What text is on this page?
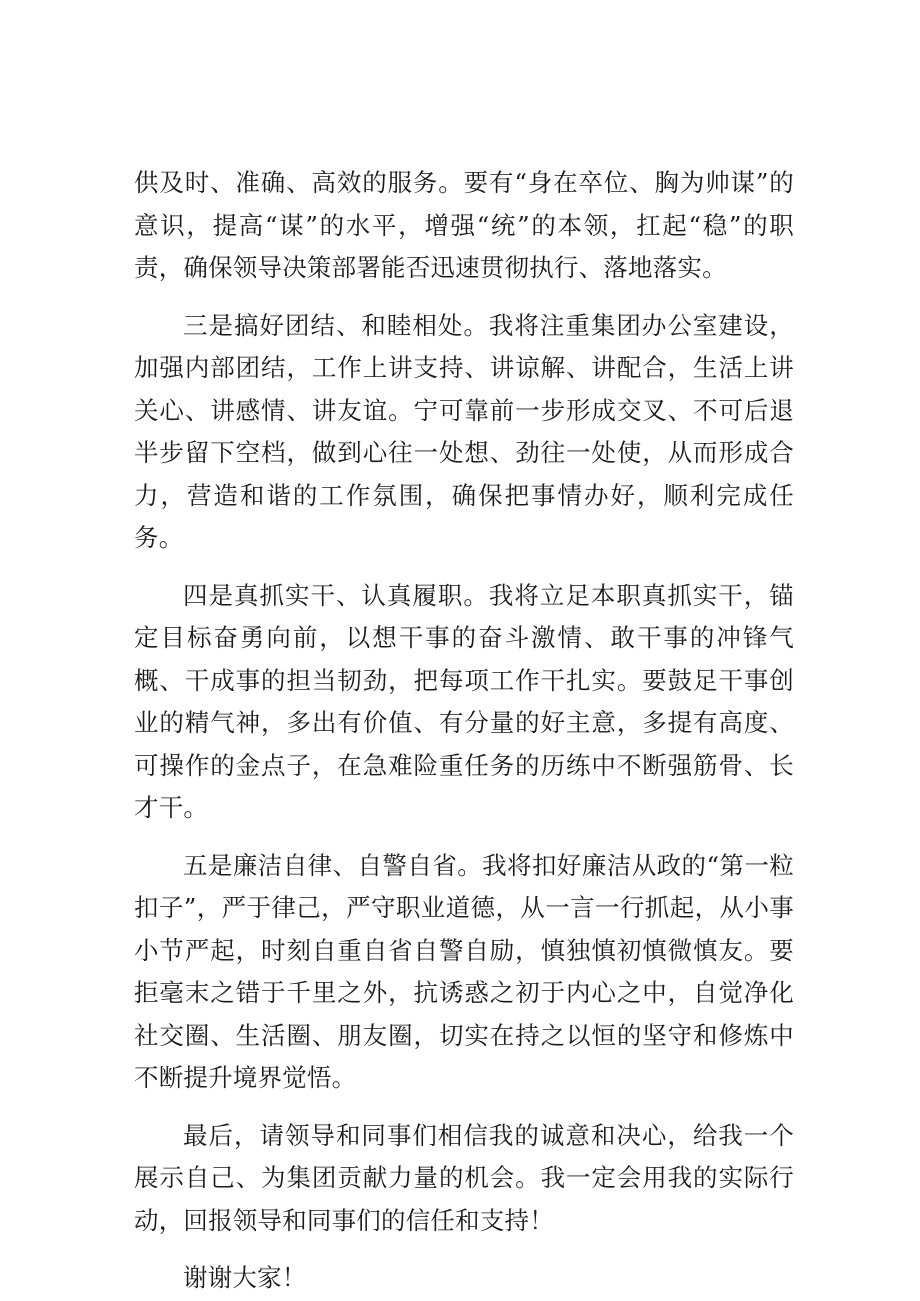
供及时、准确、高效的服务。要有“身在卒位、胸为帅谋”的意识，提高“谋”的水平，增强“统”的本领，扛起“稳”的职责，确保领导决策部署能否迅速贯彻执行、落地落实。

三是搞好团结、和睦相处。我将注重集团办公室建设，加强内部团结，工作上讲支持、讲谅解、讲配合，生活上讲关心、讲感情、讲友谊。宁可靠前一步形成交叉、不可后退半步留下空档，做到心往一处想、劲往一处使，从而形成合力，营造和谐的工作氛围，确保把事情办好，顺利完成任务。

四是真抓实干、认真履职。我将立足本职真抓实干，锚定目标奋勇向前，以想干事的奋斗激情、敢干事的冲锋气概、干成事的担当韧劲，把每项工作干扎实。要鼓足干事创业的精气神，多出有价值、有分量的好主意，多提有高度、可操作的金点子，在急难险重任务的历练中不断强筋骨、长才干。

五是廉洁自律、自警自省。我将扣好廉洁从政的“第一粒扣子”，严于律己，严守职业道德，从一言一行抓起，从小事小节严起，时刻自重自省自警自励，慎独慎初慎微慎友。要拒毫末之错于千里之外，抗诱惑之初于内心之中，自觉净化社交圈、生活圈、朋友圈，切实在持之以恒的坚守和修炼中不断提升境界觉悟。

最后，请领导和同事们相信我的诚意和决心，给我一个展示自己、为集团贡献力量的机会。我一定会用我的实际行动，回报领导和同事们的信任和支持！

谢谢大家！
